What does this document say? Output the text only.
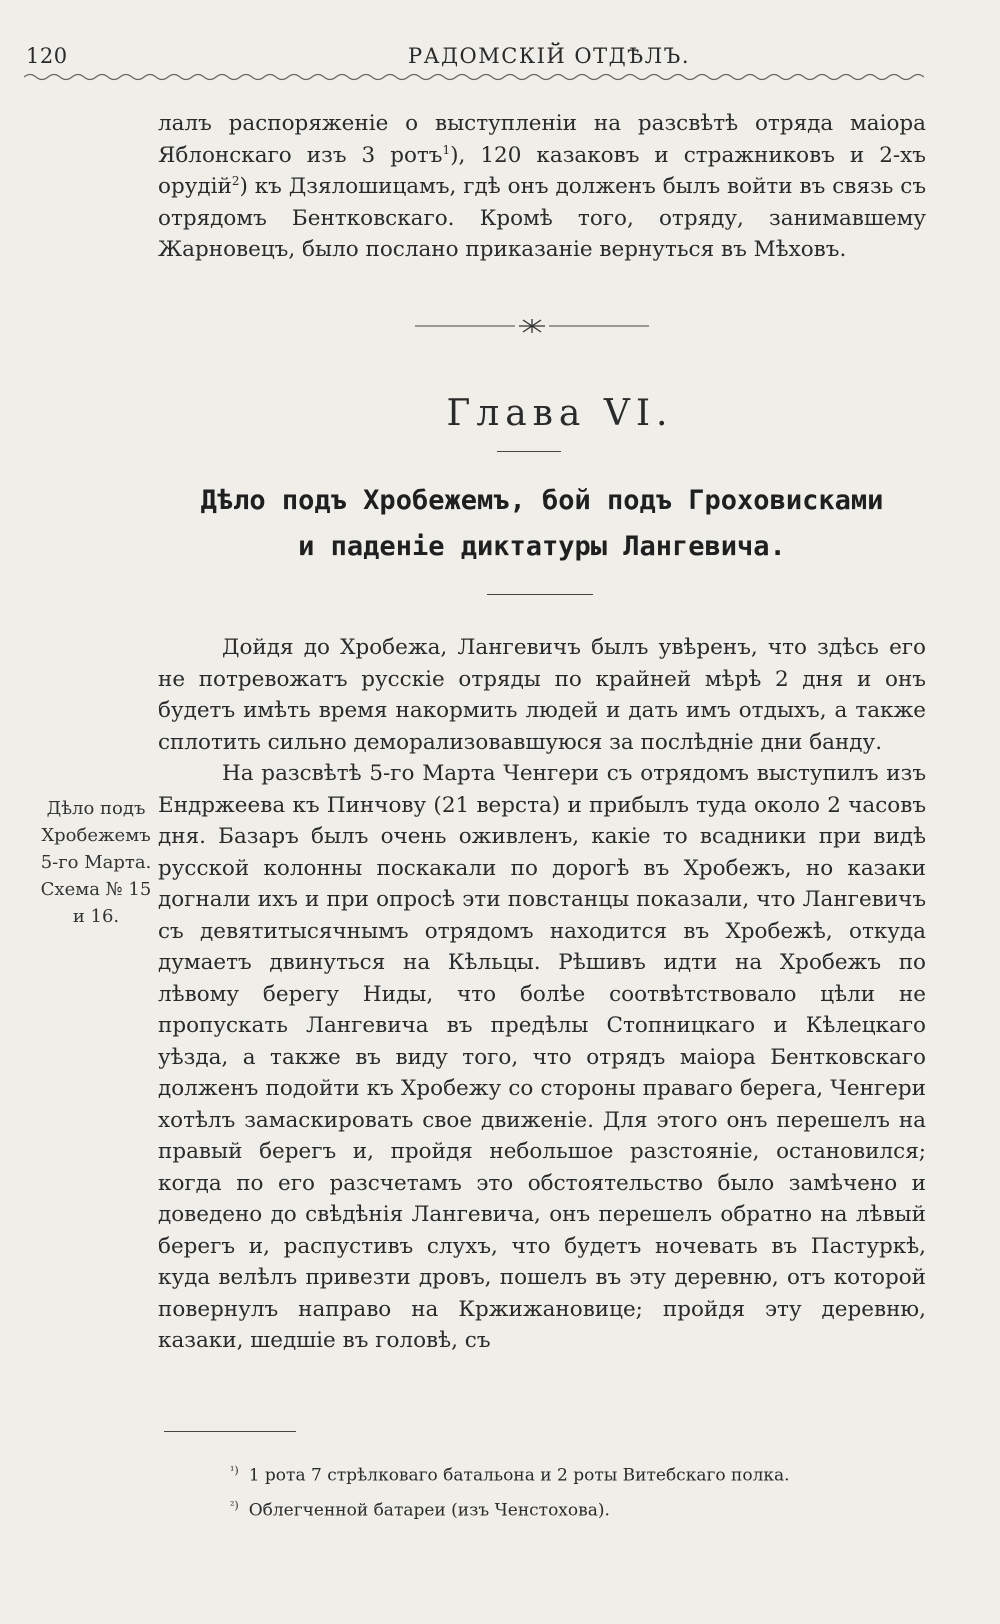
120	РАДОМСКІЙ ОТДѢЛЪ.

лалъ распоряженіе о выступленіи на разсвѣтѣ отряда маіора Яблонскаго изъ 3 ротъ$^1$), 120 казаковъ и стражниковъ и 2-хъ орудій$^2$) къ Дзялошицамъ, гдѣ онъ долженъ былъ войти въ связь съ отрядомъ Бентковскаго. Кромѣ того, отряду, занимавшему Жарновецъ, было послано приказаніе вернуться въ Мѣховъ.

Глава VI.
Дѣло подъ Хробежемъ, бой подъ Гроховисками
и паденіе диктатуры Лангевича.

Дойдя до Хробежа, Лангевичъ былъ увѣренъ, что здѣсь его не потревожатъ русскіе отряды по крайней мѣрѣ 2 дня и онъ будетъ имѣть время накормить людей и дать имъ отдыхъ, а также сплотить сильно деморализовавшуюся за послѣдніе дни банду.

На разсвѣтѣ 5-го Марта Ченгери съ отрядомъ выступилъ изъ Ендржеева къ Пинчову (21 верста) и прибылъ туда около 2 часовъ дня. Базаръ былъ очень оживленъ, какіе то всадники при видѣ русской колонны поскакали по дорогѣ въ Хробежъ, но казаки догнали ихъ и при опросѣ эти повстанцы показали, что Лангевичъ съ девятитысячнымъ отрядомъ находится въ Хробежѣ, откуда думаетъ двинуться на Кѣльцы. Рѣшивъ идти на Хробежъ по лѣвому берегу Ниды, что болѣе соотвѣтствовало цѣли не пропускать Лангевича въ предѣлы Стопницкаго и Кѣлецкаго уѣзда, а также въ виду того, что отрядъ маіора Бентковскаго долженъ подойти къ Хробежу со стороны праваго берега, Ченгери хотѣлъ замаскировать свое движеніе. Для этого онъ перешелъ на правый берегъ и, пройдя небольшое разстояніе, остановился; когда по его разсчетамъ это обстоятельство было замѣчено и доведено до свѣдѣнія Лангевича, онъ перешелъ обратно на лѣвый берегъ и, распустивъ слухъ, что будетъ ночевать въ Пастуркѣ, куда велѣлъ привезти дровъ, пошелъ въ эту деревню, отъ которой повернулъ направо на Кржижановице; пройдя эту деревню, казаки, шедшіе въ головѣ, съ

Дѣло подъ
Хробежемъ
5-го Марта.
Схема № 15
и 16.
$^{^1)}$ 1 рота 7 стрѣлковаго батальона и 2 роты Витебскаго полка.
$^{^2)}$ Облегченной батареи (изъ Ченстохова).
